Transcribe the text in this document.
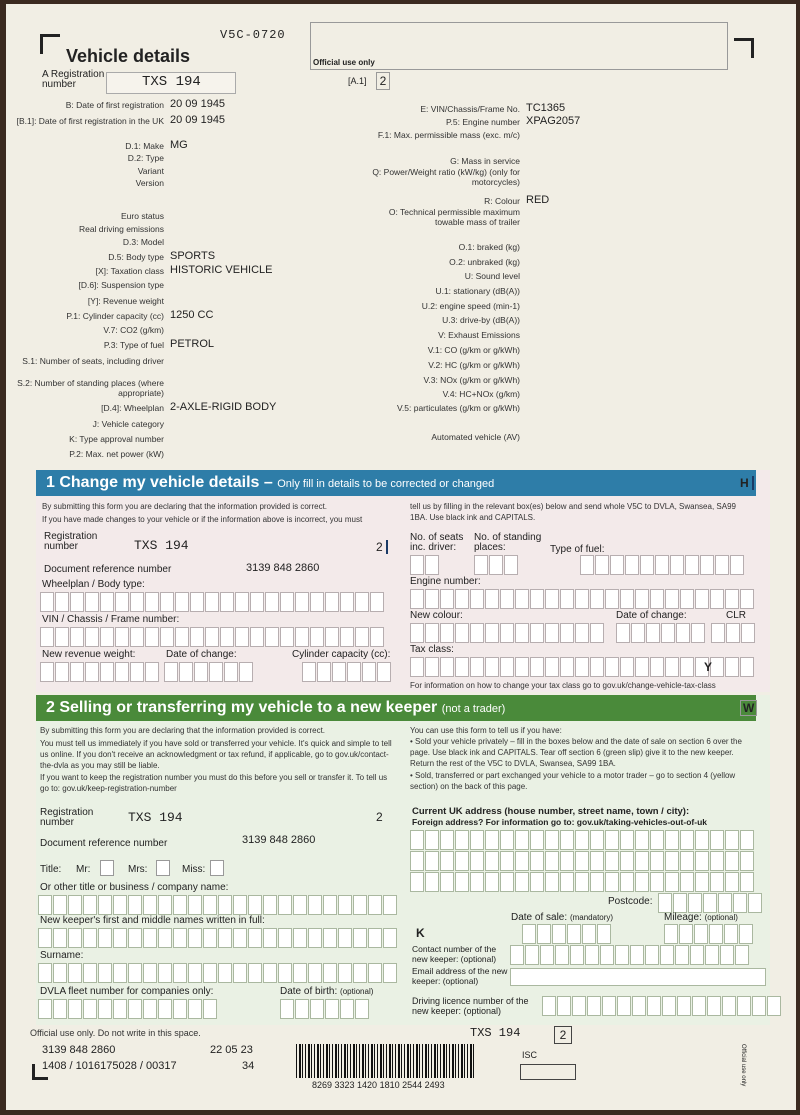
Vehicle details
V5C-0720
Official use only
A Registration number	TXS 194	[A.1]	2
B: Date of first registration 20 09 1945
[B.1]: Date of first registration in the UK 20 09 1945
D.1: Make MG
D.2: Type
Variant
Version
Euro status
Real driving emissions
D.3: Model
D.5: Body type SPORTS
[X]: Taxation class HISTORIC VEHICLE
[D.6]: Suspension type
[Y]: Revenue weight
P.1: Cylinder capacity (cc) 1250 CC
V.7: CO2 (g/km)
P.3: Type of fuel PETROL
S.1: Number of seats, including driver
S.2: Number of standing places (where appropriate)
[D.4]: Wheelplan 2-AXLE-RIGID BODY
J: Vehicle category
K: Type approval number
P.2: Max. net power (kW)
E: VIN/Chassis/Frame No. TC1365
P.5: Engine number XPAG2057
F.1: Max. permissible mass (exc. m/c)
G: Mass in service
Q: Power/Weight ratio (kW/kg) (only for motorcycles)
R: Colour RED
O: Technical permissible maximum towable mass of trailer
O.1: braked (kg)
O.2: unbraked (kg)
U: Sound level
U.1: stationary (dB(A))
U.2: engine speed (min-1)
U.3: drive-by (dB(A))
V: Exhaust Emissions
V.1: CO (g/km or g/kWh)
V.2: HC (g/km or g/kWh)
V.3: NOx (g/km or g/kWh)
V.4: HC+NOx (g/km)
V.5: particulates (g/km or g/kWh)
Automated vehicle (AV)
1 Change my vehicle details – Only fill in details to be corrected or changed	H
By submitting this form you are declaring that the information provided is correct.
If you have made changes to your vehicle or if the information above is incorrect, you must
tell us by filling in the relevant box(es) below and send whole V5C to DVLA, Swansea, SA99 1BA. Use black ink and CAPITALS.
Registration number	TXS 194	2
Document reference number	3139 848 2860
Wheelplan / Body type:
VIN / Chassis / Frame number:
New revenue weight:	Date of change:	Cylinder capacity (cc):
No. of seats inc. driver:
No. of standing places:	Type of fuel:
Engine number:
New colour:	Date of change:	CLR
Tax class:
Y
For information on how to change your tax class go to gov.uk/change-vehicle-tax-class
2 Selling or transferring my vehicle to a new keeper (not a trader)	W
By submitting this form you are declaring that the information provided is correct.
You must tell us immediately if you have sold or transferred your vehicle. It's quick and simple to tell us online. If you don't receive an acknowledgment or tax refund, if applicable, go to gov.uk/contact-the-dvla as you may still be liable.
If you want to keep the registration number you must do this before you sell or transfer it. To tell us go to: gov.uk/keep-registration-number
You can use this form to tell us if you have:
• Sold your vehicle privately – fill in the boxes below and the date of sale on section 6 over the page. Use black ink and CAPITALS. Tear off section 6 (green slip) give it to the new keeper. Return the rest of the V5C to DVLA, Swansea, SA99 1BA.
• Sold, transferred or part exchanged your vehicle to a motor trader – go to section 4 (yellow section) on the back of this page.
Registration number	TXS 194	2
Document reference number	3139 848 2860
Title: Mr:	Mrs:	Miss:
Or other title or business / company name:
New keeper's first and middle names written in full:
Surname:
DVLA fleet number for companies only:	Date of birth: (optional)
Current UK address (house number, street name, town / city):
Foreign address? For information go to: gov.uk/taking-vehicles-out-of-uk
Postcode:
Date of sale: (mandatory)	Mileage: (optional)
K
Contact number of the new keeper: (optional)
Email address of the new keeper: (optional)
Driving licence number of the new keeper: (optional)
Official use only. Do not write in this space.
3139 848 2860	22 05 23
1408 / 1016175028 / 00317	34
8269 3323 1420 1810 2544 2493
TXS 194	2
ISC	Official use only
